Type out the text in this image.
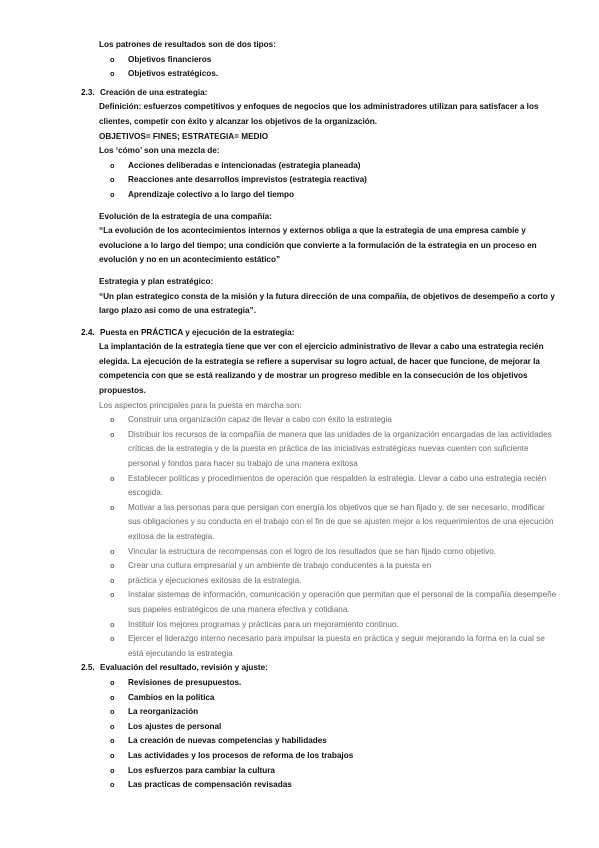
Los patrones de resultados son de dos tipos:

o Objetivos financieros
o Objetivos estratégicos.
2.3. Creación de una estrategia:

Definición: esfuerzos competitivos y enfoques de negocios que los administradores utilizan para satisfacer a los clientes, competir con éxito y alcanzar los objetivos de la organización.

OBJETIVOS= FINES; ESTRATEGIA= MEDIO

Los ‘cómo’ son una mezcla de:

o Acciones deliberadas e intencionadas (estrategia planeada)
o Reacciones ante desarrollos imprevistos (estrategia reactiva)
o Aprendizaje colectivo a lo largo del tiempo

Evolución de la estrategia de una compañía:

“La evolución de los acontecimientos internos y externos obliga a que la estrategia de una empresa cambie y evolucione a lo largo del tiempo; una condición que convierte a la formulación de la estrategia en un proceso en evolución y no en un acontecimiento estático”

Estrategia y plan estratégico:

“Un plan estrategico consta de la misión y la futura dirección de una compañía, de objetivos de desempeño a corto y largo plazo asi como de una estrategia”.

2.4. Puesta en PRÁCTICA y ejecución de la estrategia:

La implantación de la estrategia tiene que ver con el ejercicio administrativo de llevar a cabo una estrategia recién elegida. La ejecución de la estrategia se refiere a supervisar su logro actual, de hacer que funcione, de mejorar la competencia con que se está realizando y de mostrar un progreso medible en la consecución de los objetivos propuestos.

Los aspectos principales para la puesta en marcha son:

o Construir una organización capaz de llevar a cabo con éxito la estrategia
o Distribuir los recursos de la compañía de manera que las unidades de la organización encargadas de las actividades críticas de la estrategia y de la puesta en práctica de las iniciativas estratégicas nuevas cuenten con suficiente personal y fondos para hacer su trabajo de una manera exitosa
o Establecer políticas y procedimientos de operación que respalden la estrategia. Llevar a cabo una estrategia recién escogida.
o Motivar a las personas para que persigan con energía los objetivos que se han fijado y, de ser necesario, modificar sus obligaciones y su conducta en el trabajo con el fin de que se ajusten mejor a los requerimientos de una ejecución exitosa de la estrategia.
o Vincular la estructura de recompensas con el logro de los resultados que se han fijado como objetivo.
o Crear una cultura empresarial y un ambiente de trabajo conducentes a la puesta en
o práctica y ejecuciones exitosas de la estrategia.
o Instalar sistemas de información, comunicación y operación que permitan que el personal de la compañía desempeñe sus papeles estratégicos de una manera efectiva y cotidiana.
o Instituir los mejores programas y prácticas para un mejoramiento continuo.
o Ejercer el liderazgo interno necesario para impulsar la puesta en práctica y seguir mejorando la forma en la cual se está ejecutando la estrategia
2.5. Evaluación del resultado, revisión y ajuste:
o Revisiones de presupuestos.
o Cambios en la política
o La reorganización
o Los ajustes de personal
o La creación de nuevas competencias y habilidades
o Las actividades y los procesos de reforma de los trabajos
o Los esfuerzos para cambiar la cultura
o Las practicas de compensación revisadas
